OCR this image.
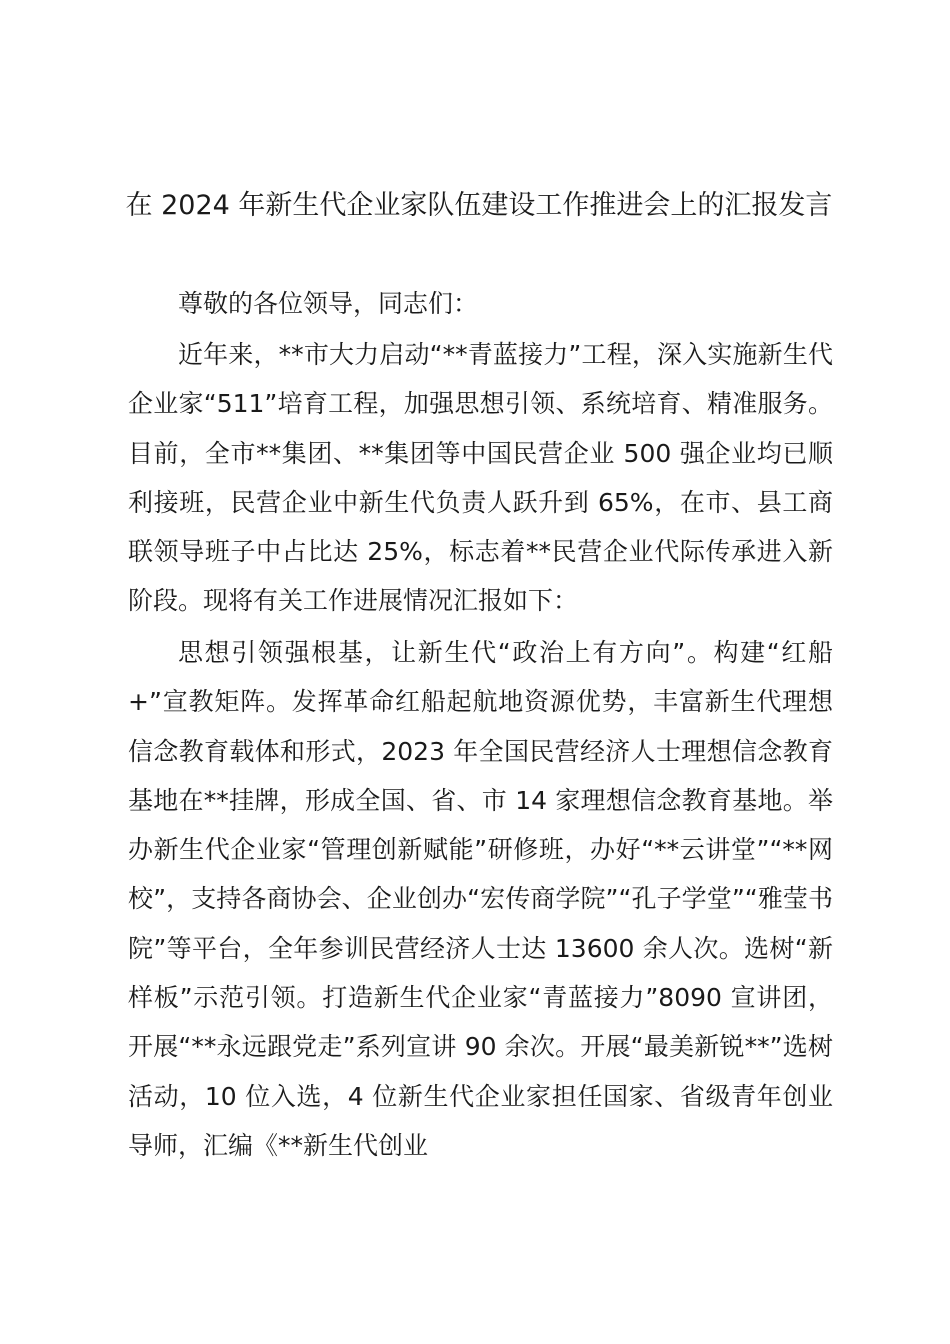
在 2024 年新生代企业家队伍建设工作推进会上的汇报发言

尊敬的各位领导，同志们：

近年来，**市大力启动“**青蓝接力”工程，深入实施新生代企业家“511”培育工程，加强思想引领、系统培育、精准服务。目前，全市**集团、**集团等中国民营企业 500 强企业均已顺利接班，民营企业中新生代负责人跃升到 65%，在市、县工商联领导班子中占比达 25%，标志着**民营企业代际传承进入新阶段。现将有关工作进展情况汇报如下：

思想引领强根基，让新生代“政治上有方向”。构建“红船+”宣教矩阵。发挥革命红船起航地资源优势，丰富新生代理想信念教育载体和形式，2023 年全国民营经济人士理想信念教育基地在**挂牌，形成全国、省、市 14 家理想信念教育基地。举办新生代企业家“管理创新赋能”研修班，办好“**云讲堂”“**网校”，支持各商协会、企业创办“宏传商学院”“孔子学堂”“雅莹书院”等平台，全年参训民营经济人士达 13600 余人次。选树“新样板”示范引领。打造新生代企业家“青蓝接力”8090 宣讲团，开展“**永远跟党走”系列宣讲 90 余次。开展“最美新锐**”选树活动，10 位入选，4 位新生代企业家担任国家、省级青年创业导师，汇编《**新生代创业
